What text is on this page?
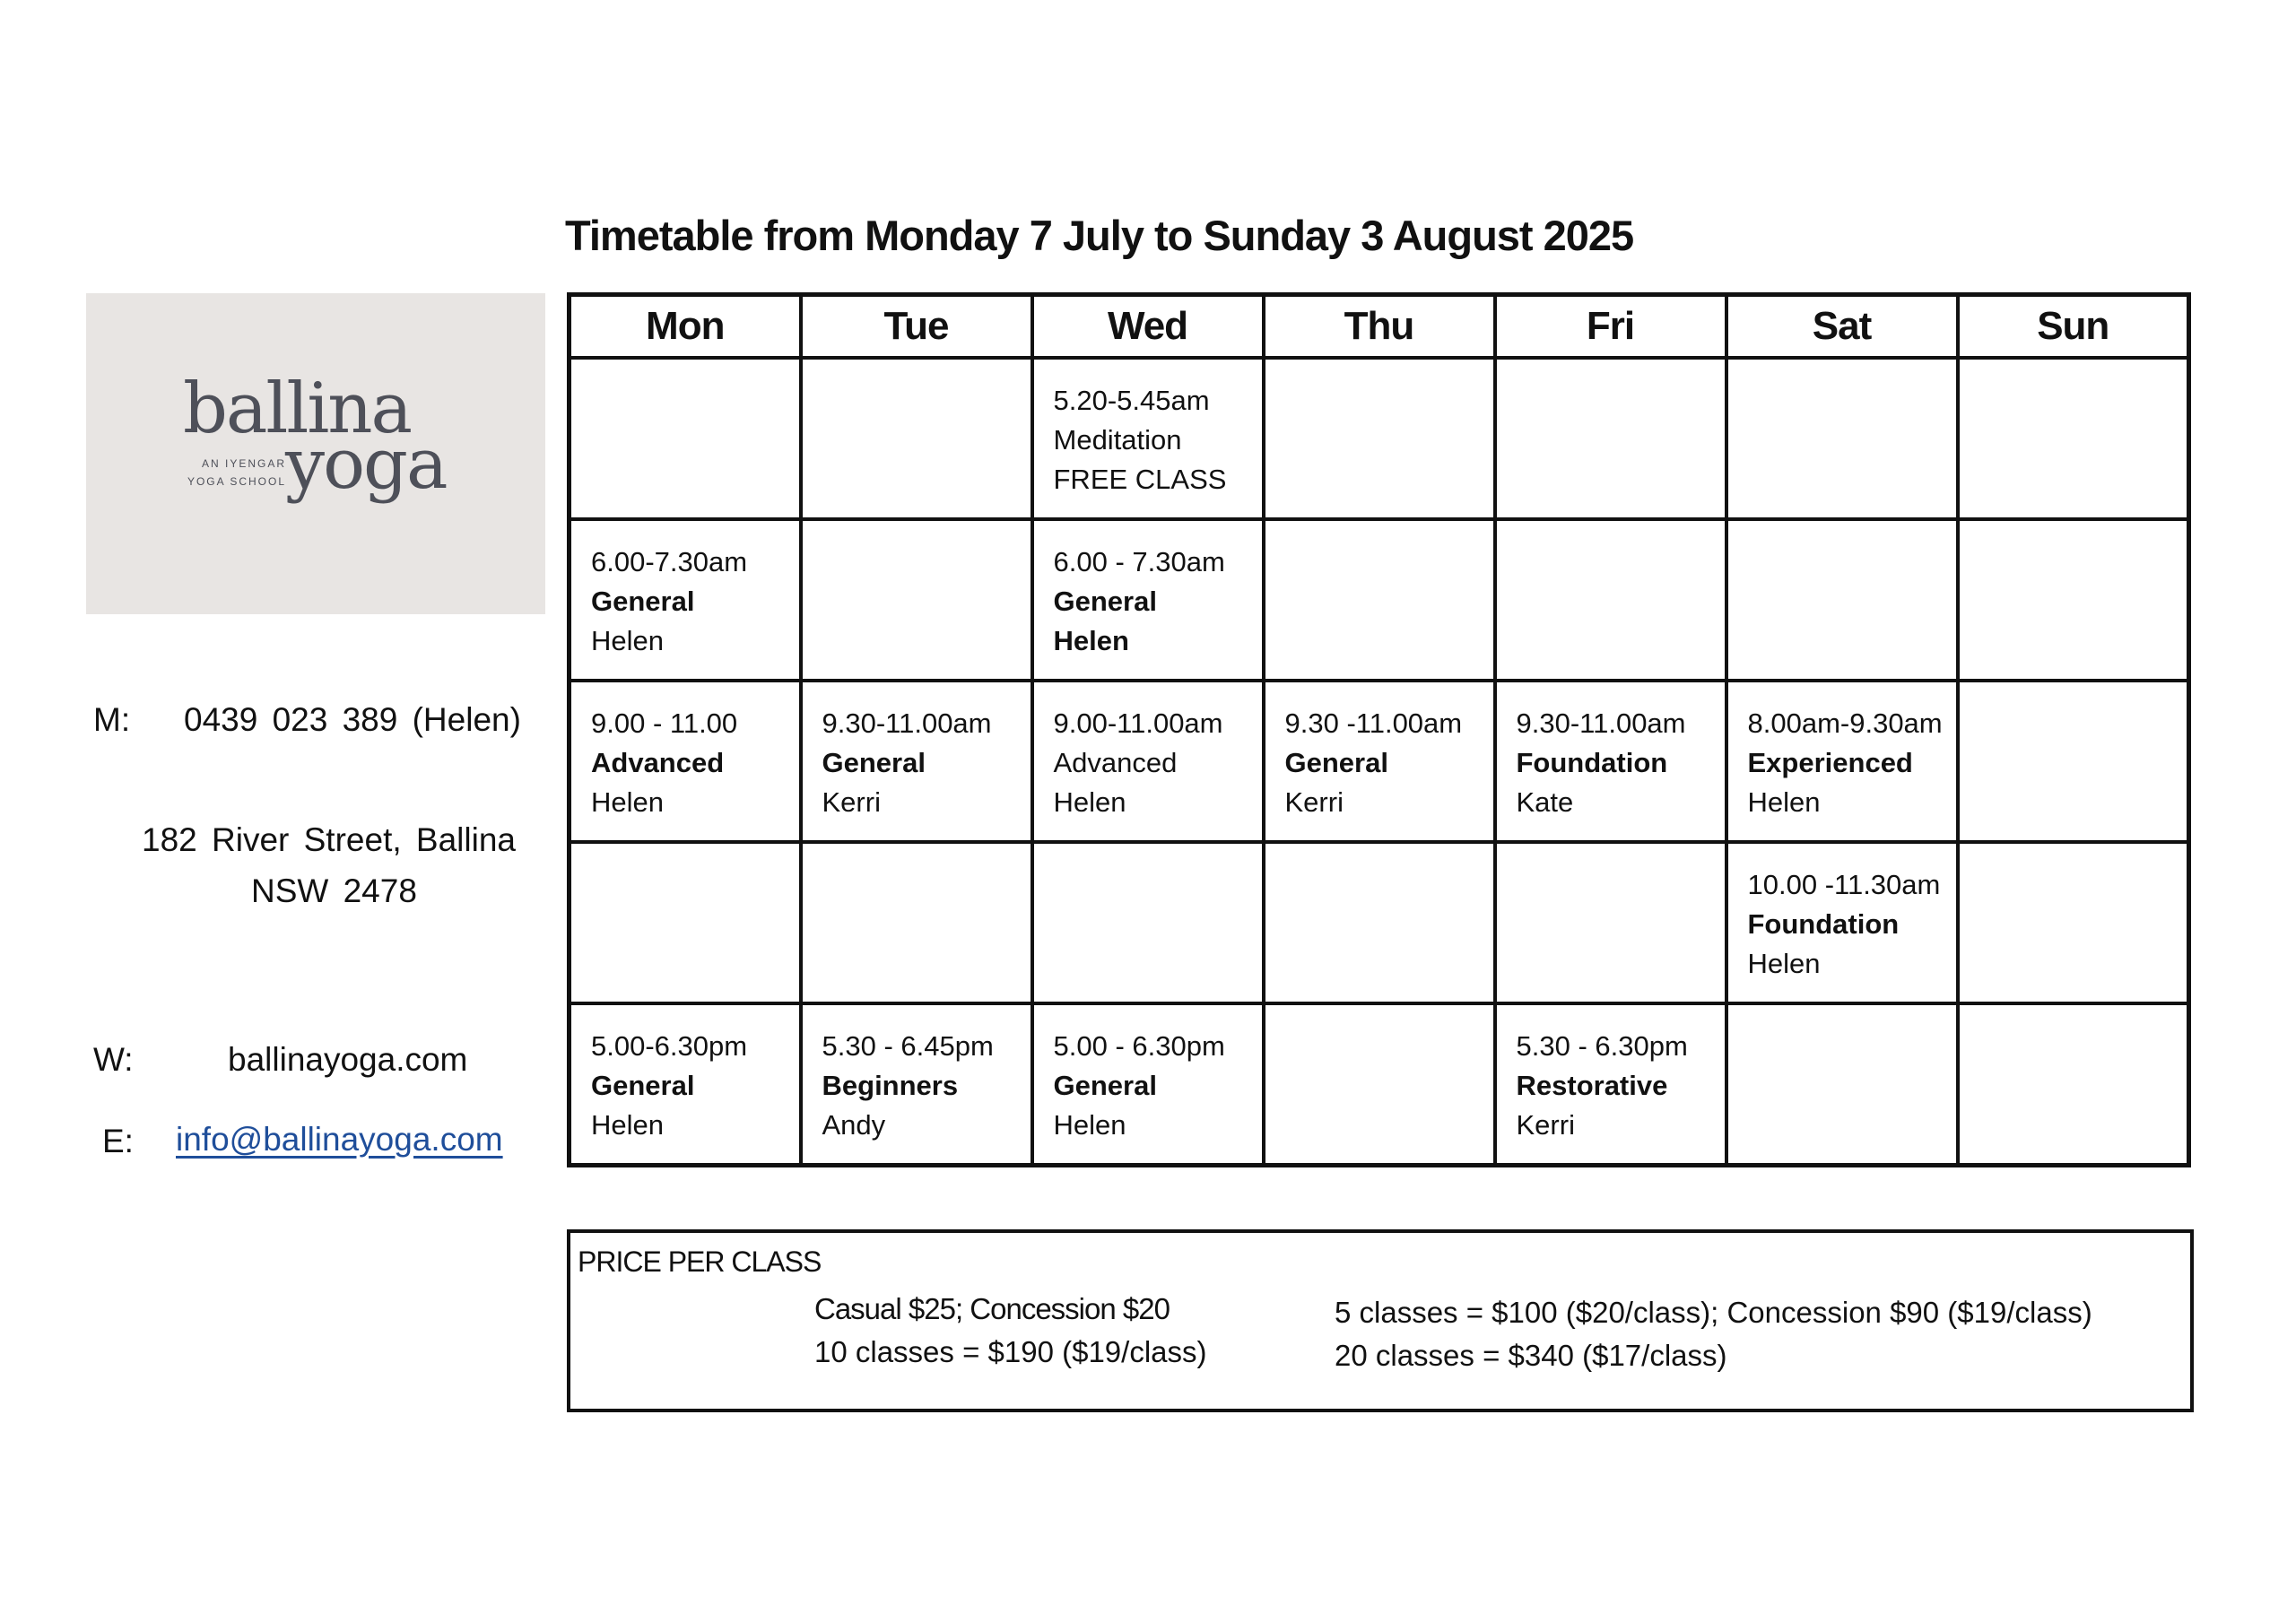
Timetable from Monday 7 July to Sunday 3 August 2025
ballina
AN IYENGAR
YOGA SCHOOL yoga
M: 0439 023 389 (Helen)
182 River Street, Ballina
NSW 2478
W:	ballinayoga.com
E: info@ballinayoga.com
Mon	Tue	Wed	Thu	Fri	Sat	Sun

		5.20-5.45am
Meditation
FREE CLASS				

6.00-7.30am
General
Helen		6.00 - 7.30am
General
Helen				

9.00 - 11.00
Advanced
Helen	9.30-11.00am
General
Kerri	9.00-11.00am
Advanced
Helen	9.30 -11.00am
General
Kerri	9.30-11.00am
Foundation
Kate	8.00am-9.30am
Experienced
Helen	

					10.00 -11.30am
Foundation
Helen	

5.00-6.30pm
General
Helen	5.30 - 6.45pm
Beginners
Andy	5.00 - 6.30pm
General
Helen		5.30 - 6.30pm
Restorative
Kerri		

PRICE PER CLASS
Casual $25; Concession $20
10 classes = $190 ($19/class)
5 classes = $100 ($20/class); Concession $90 ($19/class)
20 classes = $340 ($17/class)
